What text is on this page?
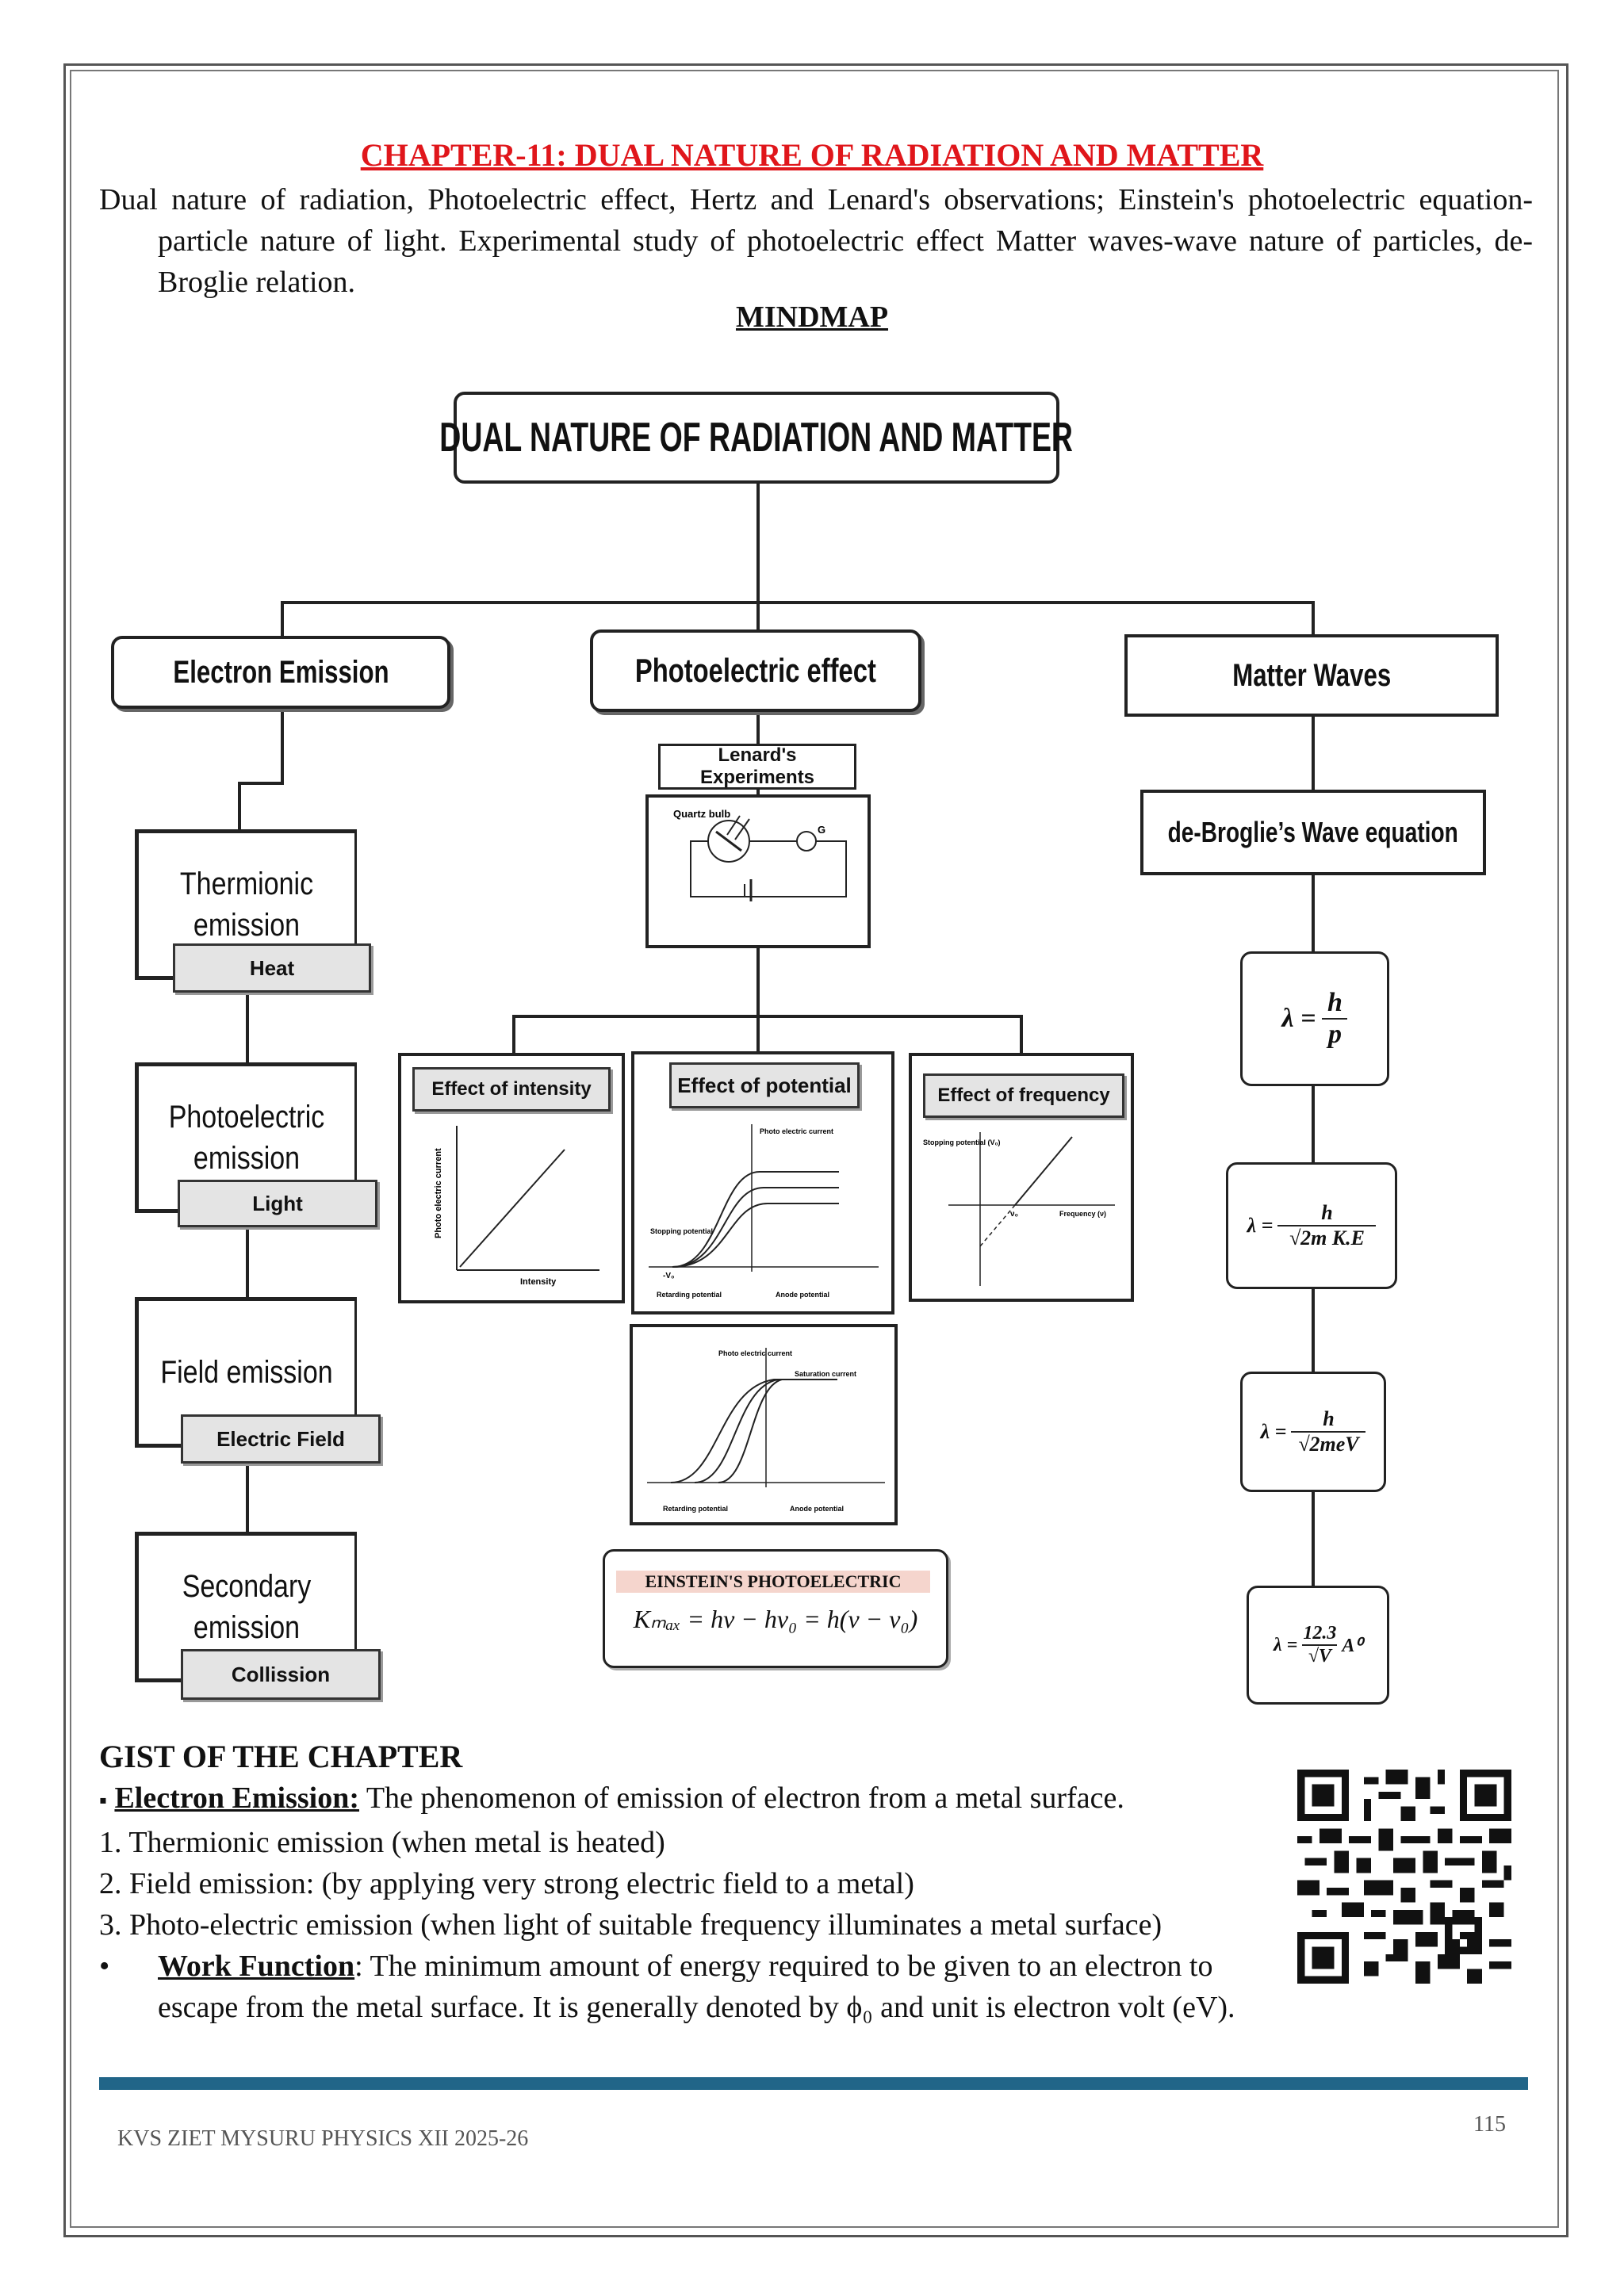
CHAPTER-11: DUAL NATURE OF RADIATION AND MATTER

Dual nature of radiation, Photoelectric effect, Hertz and Lenard's observations; Einstein's photoelectric equation-particle nature of light. Experimental study of photoelectric effect Matter waves-wave nature of particles, de-Broglie relation.

MINDMAP
DUAL NATURE OF RADIATION AND MATTER
Electron Emission	Photoelectric effect	Matter Waves
Thermionic emission
Heat
Photoelectric emission
Light
Field emission
Electric Field
Secondary emission
Collission
Lenard's Experiments
Quartz bulb
G
Effect of intensity
Intensity
Photo electric current
Effect of potential
Stopping potential
-V₀
Retarding potential	Anode potential
Photo electric current
Effect of frequency
Stopping potential (V₀)
Frequency (ν)
ν₀
Photo electric current
Saturation current
Retarding potential	Anode potential
EINSTEIN'S PHOTOELECTRIC
Kₘₐₓ = hν − hν₀ = h(ν − ν₀)
de-Broglie’s Wave equation
λ =
h
p
λ =
h
√2m K.E
λ =
h
√2meV
λ =
12.3
√V
A⁰
GIST OF THE CHAPTER
▪ Electron Emission: The phenomenon of emission of electron from a metal surface.
1. Thermionic emission (when metal is heated)
2. Field emission: (by applying very strong electric field to a metal)
3. Photo-electric emission (when light of suitable frequency illuminates a metal surface)
• Work Function: The minimum amount of energy required to be given to an electron to escape from the metal surface. It is generally denoted by ϕ₀ and unit is electron volt (eV).
KVS ZIET MYSURU PHYSICS XII 2025-26
115
